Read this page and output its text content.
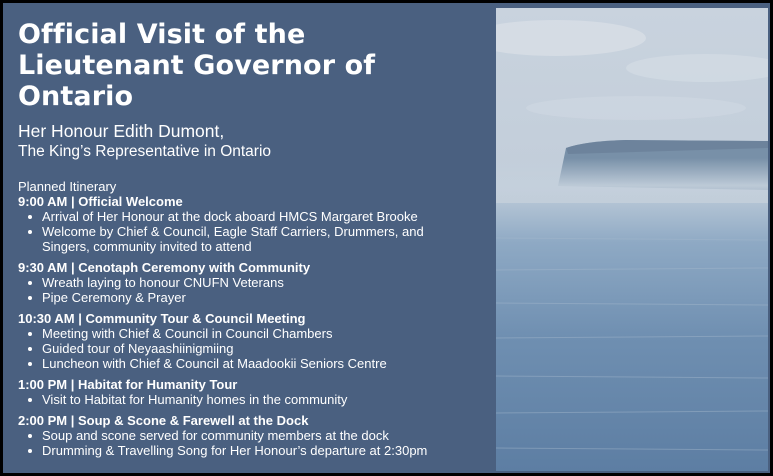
Official Visit of the
Lieutenant Governor of
Ontario
Her Honour Edith Dumont,
The King’s Representative in Ontario
Planned Itinerary
9:00 AM | Official Welcome
Arrival of Her Honour at the dock aboard HMCS Margaret Brooke
Welcome by Chief & Council, Eagle Staff Carriers, Drummers, and Singers, community invited to attend
9:30 AM | Cenotaph Ceremony with Community
Wreath laying to honour CNUFN Veterans
Pipe Ceremony & Prayer
10:30 AM | Community Tour & Council Meeting
Meeting with Chief & Council in Council Chambers
Guided tour of Neyaashiinigmiing
Luncheon with Chief & Council at Maadookii Seniors Centre
1:00 PM | Habitat for Humanity Tour
Visit to Habitat for Humanity homes in the community
2:00 PM | Soup & Scone & Farewell at the Dock
Soup and scone served for community members at the dock
Drumming & Travelling Song for Her Honour’s departure at 2:30pm
